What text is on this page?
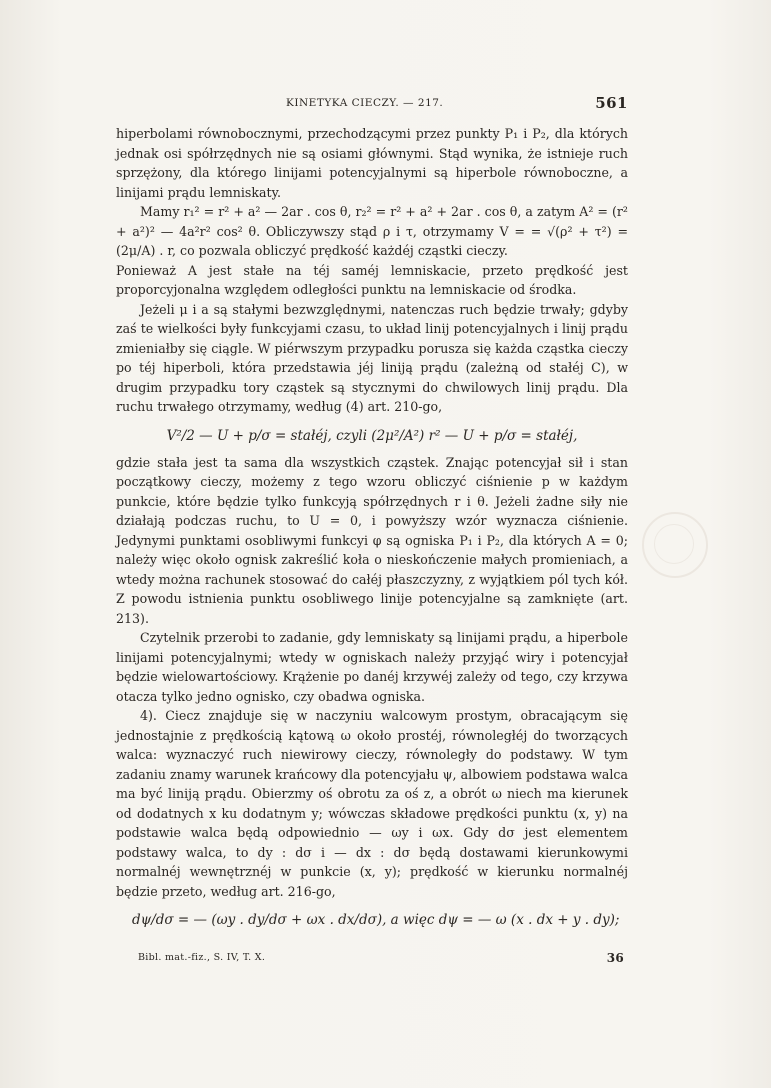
KINETYKA CIECZY. — 217.	561

hiperbolami równobocznymi, przechodzącymi przez punkty P₁ i P₂, dla których jednak osi spółrzędnych nie są osiami głównymi. Stąd wynika, że istnieje ruch sprzężony, dla którego linijami potencyjalnymi są hiperbole równoboczne, a linijami prądu lemniskaty.

Mamy r₁² = r² + a² — 2ar . cos θ, r₂² = r² + a² + 2ar . cos θ, a zatym A² = (r² + a²)² — 4a²r² cos² θ. Obliczywszy stąd ρ i τ, otrzymamy V = = √(ρ² + τ²) = (2μ/A) . r, co pozwala obliczyć prędkość każdéj cząstki cieczy.

Ponieważ A jest stałe na téj saméj lemniskacie, przeto prędkość jest proporcyjonalna względem odległości punktu na lemniskacie od środka.

Jeżeli μ i a są stałymi bezwzględnymi, natenczas ruch będzie trwały; gdyby zaś te wielkości były funkcyjami czasu, to układ linij potencyjalnych i linij prądu zmieniałby się ciągle. W piérwszym przypadku porusza się każda cząstka cieczy po téj hiperboli, która przedstawia jéj liniją prądu (zależną od stałéj C), w drugim przypadku tory cząstek są stycznymi do chwilowych linij prądu. Dla ruchu trwałego otrzymamy, według (4) art. 210-go,

V²/2 — U + p/σ = stałéj, czyli (2μ²/A²) r² — U + p/σ = stałéj,

gdzie stała jest ta sama dla wszystkich cząstek. Znając potencyjał sił i stan początkowy cieczy, możemy z tego wzoru obliczyć ciśnienie p w każdym punkcie, które będzie tylko funkcyją spółrzędnych r i θ. Jeżeli żadne siły nie działają podczas ruchu, to U = 0, i powyższy wzór wyznacza ciśnienie. Jedynymi punktami osobliwymi funkcyi φ są ogniska P₁ i P₂, dla których A = 0; należy więc około ognisk zakreślić koła o nieskończenie małych promieniach, a wtedy można rachunek stosować do całéj płaszczyzny, z wyjątkiem pól tych kół. Z powodu istnienia punktu osobliwego linije potencyjalne są zamknięte (art. 213).

Czytelnik przerobi to zadanie, gdy lemniskaty są linijami prądu, a hiperbole linijami potencyjalnymi; wtedy w ogniskach należy przyjąć wiry i potencyjał będzie wielowartościowy. Krążenie po danéj krzywéj zależy od tego, czy krzywa otacza tylko jedno ognisko, czy obadwa ogniska.

4). Ciecz znajduje się w naczyniu walcowym prostym, obracającym się jednostajnie z prędkością kątową ω około prostéj, równoległéj do tworzących walca: wyznaczyć ruch niewirowy cieczy, równoległy do podstawy. W tym zadaniu znamy warunek krańcowy dla potencyjału ψ, albowiem podstawa walca ma być liniją prądu. Obierzmy oś obrotu za oś z, a obrót ω niech ma kierunek od dodatnych x ku dodatnym y; wówczas składowe prędkości punktu (x, y) na podstawie walca będą odpowiednio — ωy i ωx. Gdy dσ jest elementem podstawy walca, to dy : dσ i — dx : dσ będą dostawami kierunkowymi normalnéj wewnętrznéj w punkcie (x, y); prędkość w kierunku normalnéj będzie przeto, według art. 216-go,

dψ/dσ = — (ωy . dy/dσ + ωx . dx/dσ), a więc dψ = — ω (x . dx + y . dy);
Bibl. mat.-fiz., S. IV, T. X.	36
